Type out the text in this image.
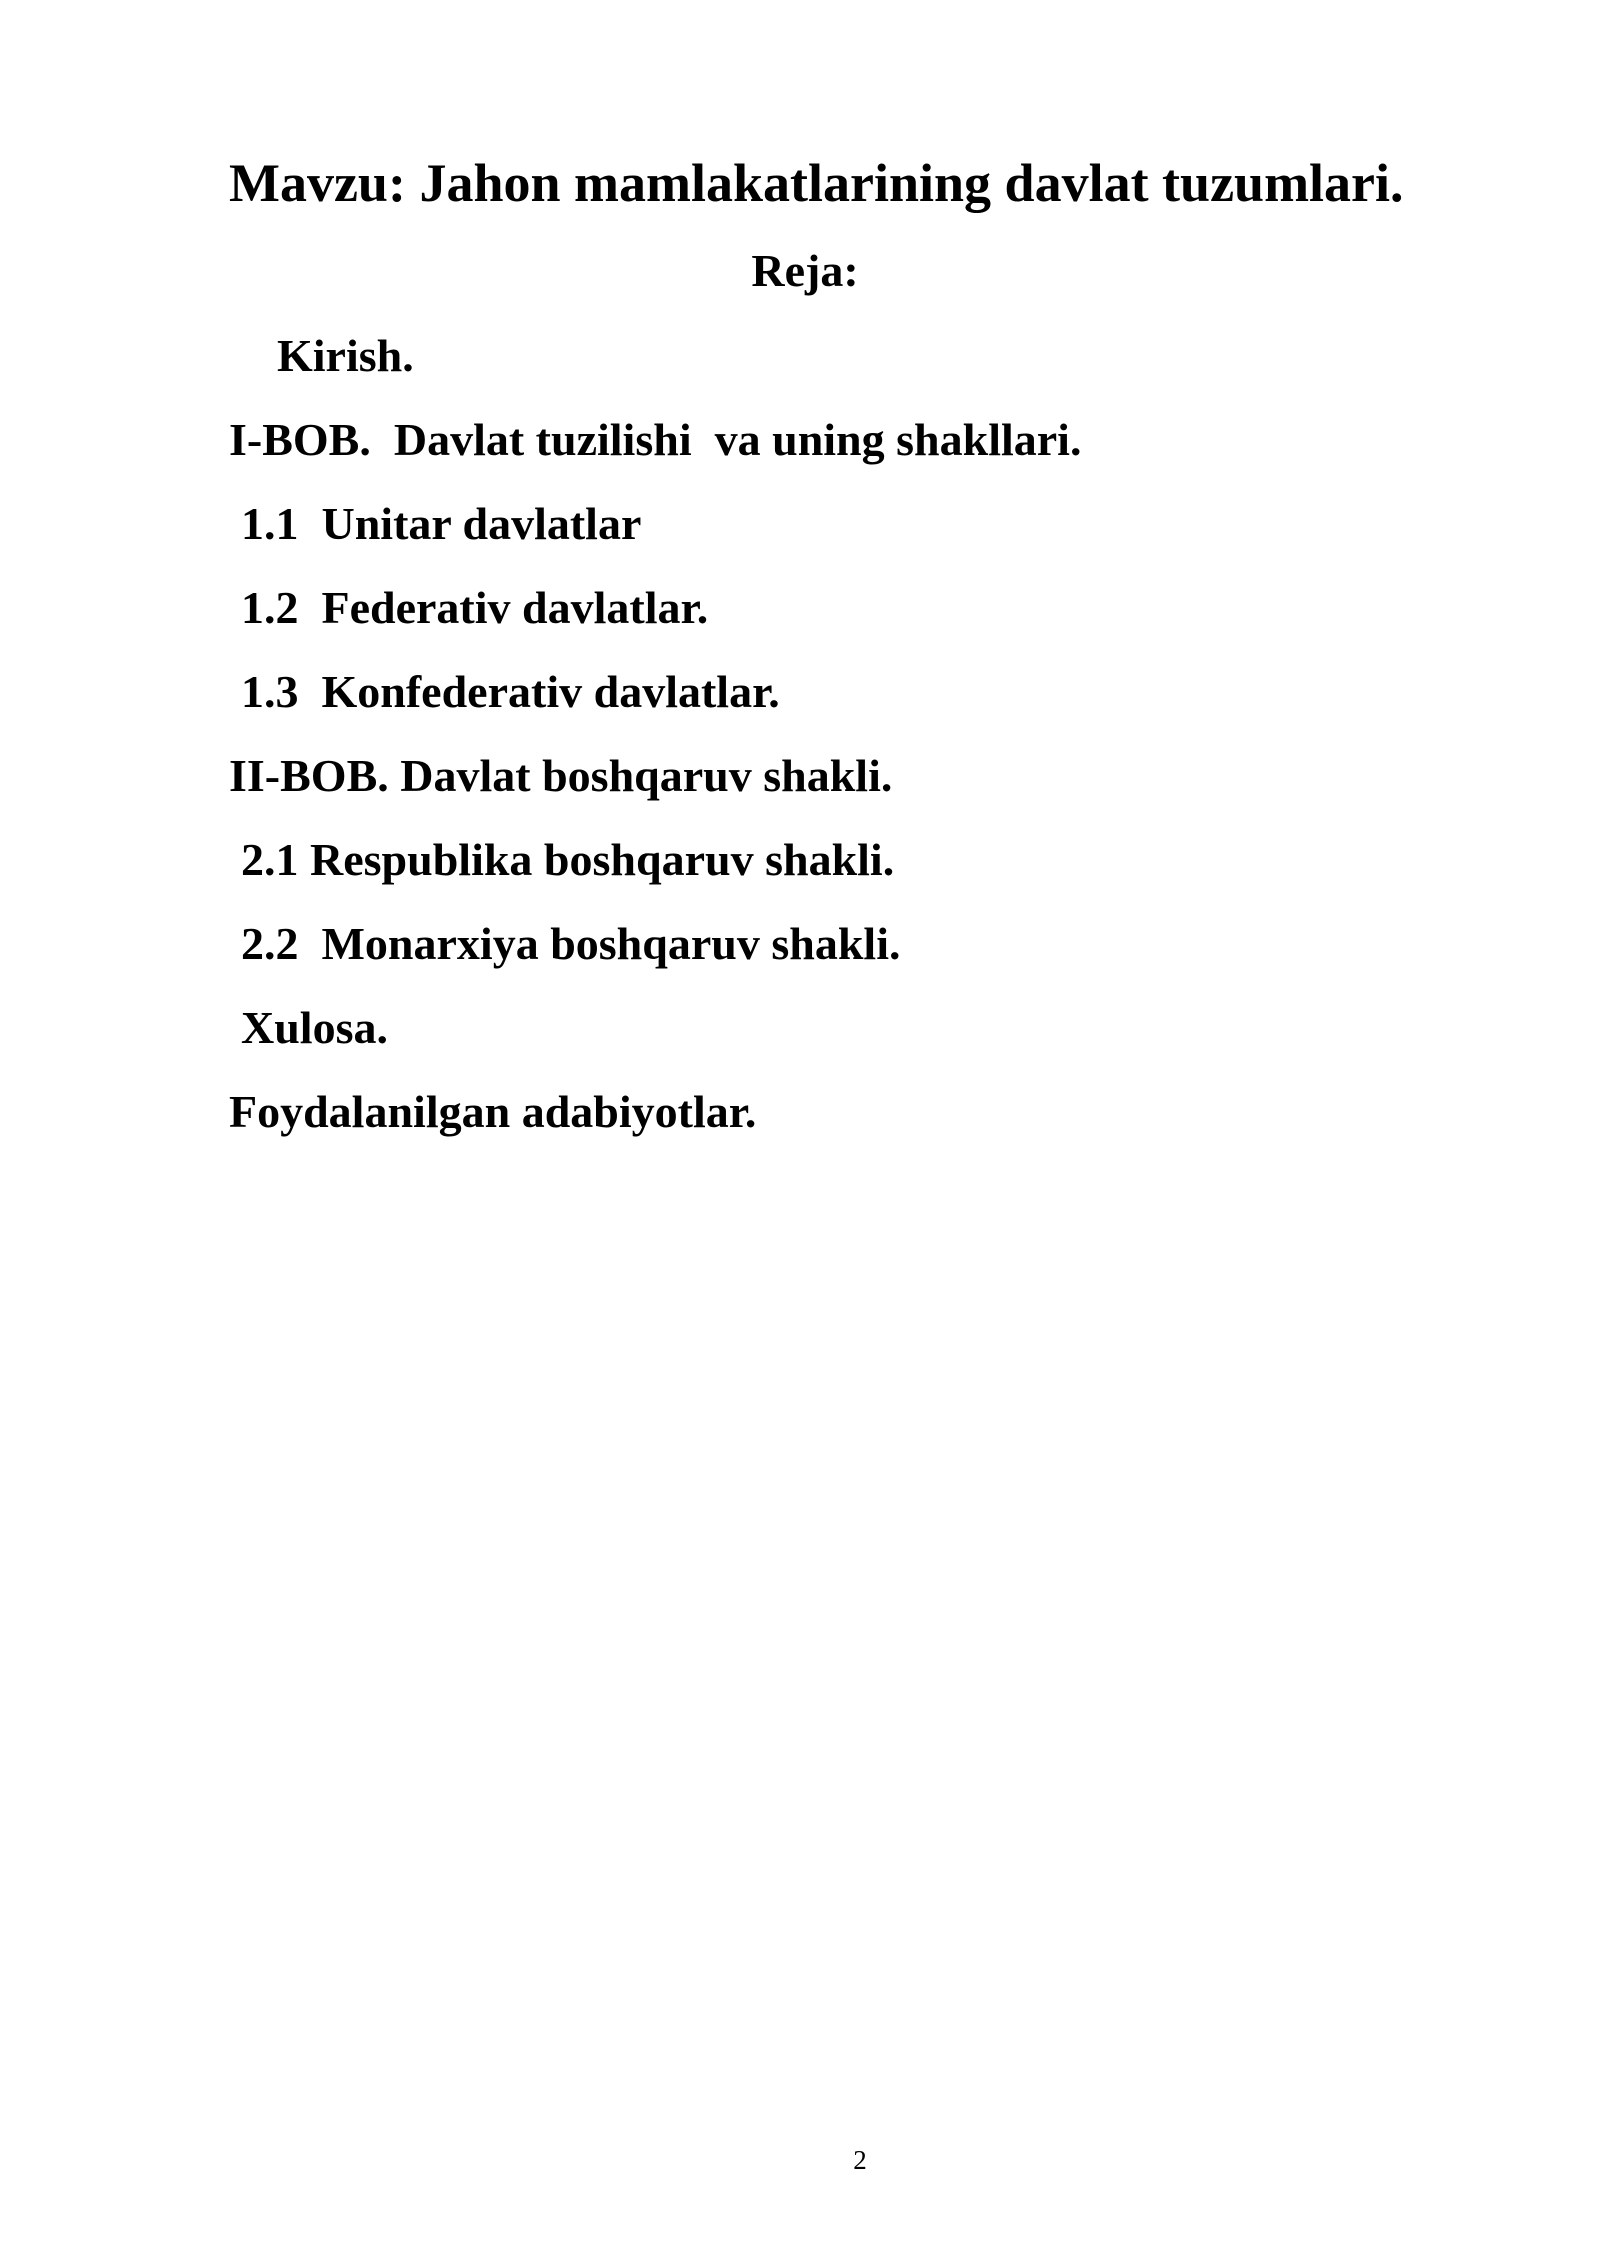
Mavzu: Jahon mamlakatlarining davlat tuzumlari.
Reja:
Kirish.
I-BOB.  Davlat tuzilishi  va uning shakllari.
1.1  Unitar davlatlar
1.2  Federativ davlatlar.
1.3  Konfederativ davlatlar.
II-BOB. Davlat boshqaruv shakli.
2.1 Respublika boshqaruv shakli.
2.2  Monarxiya boshqaruv shakli.
Xulosa.
Foydalanilgan adabiyotlar.
2
